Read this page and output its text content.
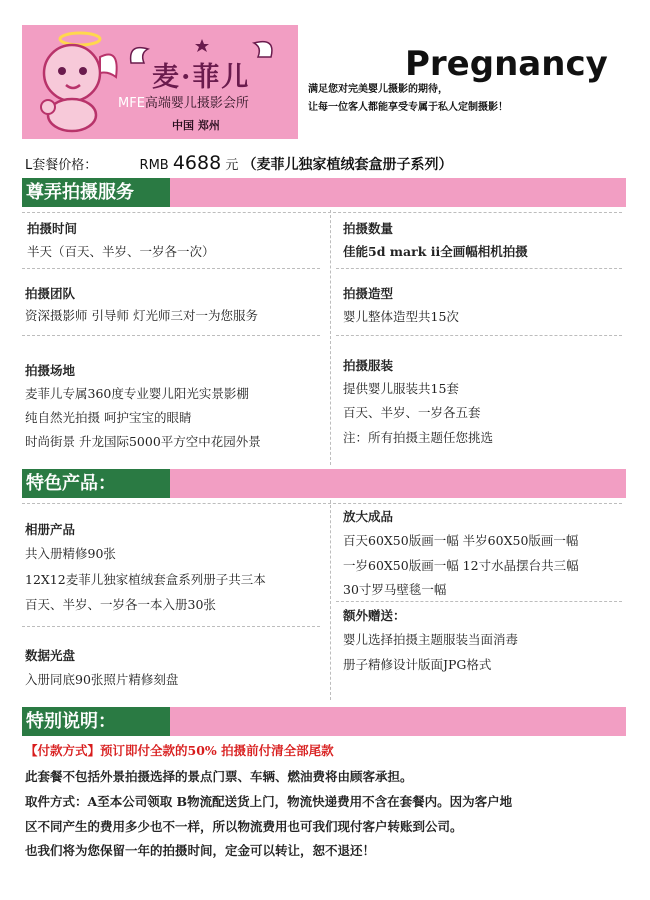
麦·菲儿
MFE高端婴儿摄影会所
中国 郑州
Pregnancy
满足您对完美婴儿摄影的期待，
让每一位客人都能享受专属于私人定制摄影！
L套餐价格：	RMB 4688 元 （麦菲儿独家植绒套盒册子系列）
尊弄拍摄服务
拍摄时间
半天（百天、半岁、一岁各一次）
拍摄团队
资深摄影师 引导师 灯光师三对一为您服务
拍摄场地
麦菲儿专属360度专业婴儿阳光实景影棚
纯自然光拍摄 呵护宝宝的眼睛
时尚街景 升龙国际5000平方空中花园外景
拍摄数量
佳能5d mark ii全画幅相机拍摄
拍摄造型
婴儿整体造型共15次
拍摄服装
提供婴儿服装共15套
百天、半岁、一岁各五套
注：所有拍摄主题任您挑选
特色产品：
相册产品
共入册精修90张
12X12麦菲儿独家植绒套盒系列册子共三本
百天、半岁、一岁各一本入册30张
数据光盘
入册同底90张照片精修刻盘
放大成品
百天60X50版画一幅 半岁60X50版画一幅
一岁60X50版画一幅 12寸水晶摆台共三幅
30寸罗马壁毯一幅
额外赠送：
婴儿选择拍摄主题服装当面消毒
册子精修设计版面JPG格式
特别说明：
【付款方式】预订即付全款的50% 拍摄前付清全部尾款
此套餐不包括外景拍摄选择的景点门票、车辆、燃油费将由顾客承担。
取件方式：A至本公司领取 B物流配送货上门，物流快递费用不含在套餐内。因为客户地
区不同产生的费用多少也不一样，所以物流费用也可我们现付客户转账到公司。
也我们将为您保留一年的拍摄时间，定金可以转让，恕不退还！
